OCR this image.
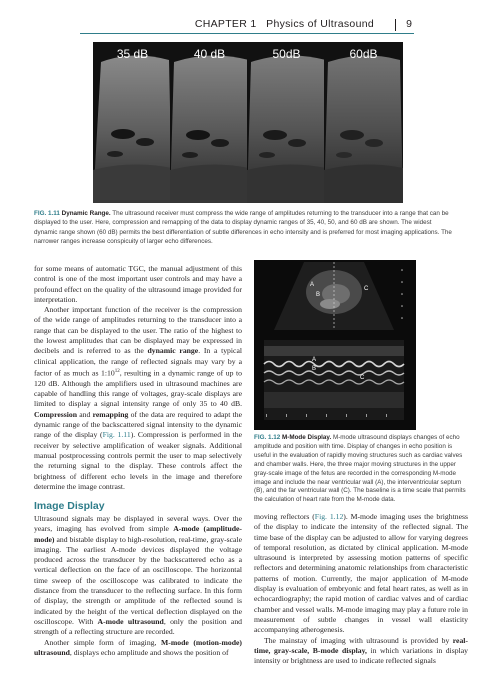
CHAPTER 1 Physics of Ultrasound	9
35 dB	40 dB	50dB	60dB
FIG. 1.11 Dynamic Range. The ultrasound receiver must compress the wide range of amplitudes returning to the transducer into a range that can be displayed to the user. Here, compression and remapping of the data to display dynamic ranges of 35, 40, 50, and 60 dB are shown. The widest dynamic range shown (60 dB) permits the best differentiation of subtle differences in echo intensity and is preferred for most imaging applications. The narrower ranges increase conspicuity of larger echo differences.

for some means of automatic TGC, the manual adjustment of this control is one of the most important user controls and may have a profound effect on the quality of the ultrasound image provided for interpretation.

Another important function of the receiver is the compression of the wide range of amplitudes returning to the transducer into a range that can be displayed to the user. The ratio of the highest to the lowest amplitudes that can be displayed may be expressed in decibels and is referred to as the dynamic range. In a typical clinical application, the range of reflected signals may vary by a factor of as much as $1:10^{12}$, resulting in a dynamic range of up to 120 dB. Although the amplifiers used in ultrasound machines are capable of handling this range of voltages, gray-scale displays are limited to display a signal intensity range of only 35 to 40 dB. Compression and remapping of the data are required to adapt the dynamic range of the backscattered signal intensity to the dynamic range of the display (Fig. 1.11). Compression is performed in the receiver by selective amplification of weaker signals. Additional manual postprocessing controls permit the user to map selectively the returning signal to the display. These controls affect the brightness of different echo levels in the image and therefore determine the image contrast.

Image Display

Ultrasound signals may be displayed in several ways. Over the years, imaging has evolved from simple A-mode (amplitude-mode) and bistable display to high-resolution, real-time, gray-scale imaging. The earliest A-mode devices displayed the voltage produced across the transducer by the backscattered echo as a vertical deflection on the face of an oscilloscope. The horizontal time sweep of the oscilloscope was calibrated to indicate the distance from the transducer to the reflecting surface. In this form of display, the strength or amplitude of the reflected sound is indicated by the height of the vertical deflection displayed on the oscilloscope. With A-mode ultrasound, only the position and strength of a reflecting structure are recorded.

Another simple form of imaging, M-mode (motion-mode) ultrasound, displays echo amplitude and shows the position of

A
B
C
A
B
C
FIG. 1.12 M-Mode Display. M-mode ultrasound displays changes of echo amplitude and position with time. Display of changes in echo position is useful in the evaluation of rapidly moving structures such as cardiac valves and chamber walls. Here, the three major moving structures in the upper gray-scale image of the fetus are recorded in the corresponding M-mode image and include the near ventricular wall (A), the interventricular septum (B), and the far ventricular wall (C). The baseline is a time scale that permits the calculation of heart rate from the M-mode data.

moving reflectors (Fig. 1.12). M-mode imaging uses the brightness of the display to indicate the intensity of the reflected signal. The time base of the display can be adjusted to allow for varying degrees of temporal resolution, as dictated by clinical application. M-mode ultrasound is interpreted by assessing motion patterns of specific reflectors and determining anatomic relationships from characteristic patterns of motion. Currently, the major application of M-mode display is evaluation of embryonic and fetal heart rates, as well as in echocardiography; the rapid motion of cardiac valves and of cardiac chamber and vessel walls. M-mode imaging may play a future role in measurement of subtle changes in vessel wall elasticity accompanying atherogenesis.

The mainstay of imaging with ultrasound is provided by real-time, gray-scale, B-mode display, in which variations in display intensity or brightness are used to indicate reflected signals
